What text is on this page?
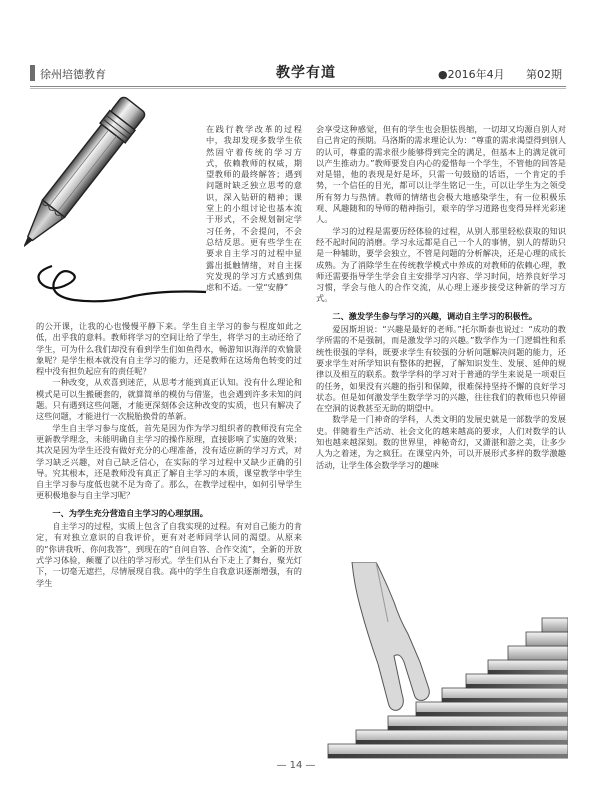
徐州培德教育	教学有道	●2016年4月 第02期

在践行教学改革的过程中，我却发现多数学生依然固守着传统的学习方式，依赖教师的权威，期望教师的最终解答；遇到问题时缺乏独立思考的意识，深入钻研的精神；课堂上的小组讨论也基本流于形式，不会规划制定学习任务，不会提问，不会总结反思。更有些学生在要求自主学习的过程中显露出抵触情绪，对自主探究发现的学习方式感到焦虑和不适。一堂“安静”

的公开课，让我的心也慢慢平静下来。学生自主学习的参与程度如此之低，出乎我的意料。教师将学习的空间让给了学生，将学习的主动还给了学生，可为什么我们却没有看到学生们如鱼得水，畅游知识海洋的欢愉景象呢？是学生根本就没有自主学习的能力，还是教师在这场角色转变的过程中没有担负起应有的责任呢？

一种改变，从欢喜到迷茫，从思考才能到真正认知。没有什么理论和模式是可以生搬硬套的，就算简单的模仿与借鉴，也会遇到许多未知的问题。只有遇到这些问题，才能更深刻体会这种改变的实质，也只有解决了这些问题，才能进行一次脱胎换骨的革新。

学生自主学习参与度低，首先是因为作为学习组织者的教师没有完全更新教学理念，未能明确自主学习的操作原理，直接影响了实施的效果；其次是因为学生还没有做好充分的心理准备，没有适应新的学习方式，对学习缺乏兴趣，对自己缺乏信心，在实际的学习过程中又缺少正确的引导。究其根本，还是教师没有真正了解自主学习的本质，课堂教学中学生自主学习参与度低也就不足为奇了。那么，在教学过程中，如何引导学生更积极地参与自主学习呢？

一、为学生充分营造自主学习的心理氛围。

自主学习的过程，实质上包含了自我实现的过程。有对自己能力的肯定，有对独立意识的自我评价，更有对老师同学认同的渴望。从原来的“你讲我听、你问我答”，到现在的“自问自答、合作交流”，全新的开放式学习体验，颠覆了以往的学习形式。学生们从台下走上了舞台，聚光灯下，一切毫无遮拦，尽情展现自我。高中的学生自我意识逐渐增强，有的学生

会享受这种感觉，但有的学生也会胆怯畏缩，一切却又均源自别人对自己肯定的预期。马洛斯的需求理论认为：“尊重的需求渴望得到别人的认可，尊重的需求很少能够得到完全的满足，但基本上的满足就可以产生推动力。”教师要发自内心的爱惜每一个学生，不管他的回答是对是错，他的表现是好是坏，只需一句鼓励的话语，一个肯定的手势，一个信任的目光，都可以让学生铭记一生，可以让学生为之领受所有努力与热情。教师的情绪也会极大地感染学生，有一位积极乐观、风趣随和的导师的精神指引，艰辛的学习道路也变得异样光彩迷人。

学习的过程是需要历经体验的过程，从别人那里轻松获取的知识经不起时间的消磨。学习永远都是自己一个人的事情，别人的帮助只是一种辅助，要学会独立，不管是问题的分析解决，还是心理的成长成熟。为了消除学生在传统教学模式中养成的对教师的依赖心理，教师还需要指导学生学会自主安排学习内容、学习时间，培养良好学习习惯，学会与他人的合作交流，从心理上逐步接受这种新的学习方式。

二、激发学生参与学习的兴趣，调动自主学习的积极性。

爱因斯坦说：“兴趣是最好的老师。”托尔斯泰也说过：“成功的教学所需的不是强制，而是激发学习的兴趣。”数学作为一门逻辑性和系统性很强的学科，既要求学生有较强的分析问题解决问题的能力，还要求学生对所学知识有整体的把握，了解知识发生、发展、延伸的规律以及相互的联系。数学学科的学习对于普通的学生来说是一项艰巨的任务，如果没有兴趣的指引和保障，很难保持坚持不懈的良好学习状态。但是如何激发学生数学学习的兴趣，往往我们的教师也只停留在空洞的说教甚至无助的期望中。

数学是一门神奇的学科，人类文明的发展史就是一部数学的发展史。伴随着生产活动、社会文化的越来越高的要求，人们对数学的认知也越来越深刻。数的世界里，神秘奇幻，又潇湛和游之美，让多少人为之着迷，为之疯狂。在课堂内外，可以开展形式多样的数学激趣活动，让学生体会数学学习的趣味

— 14 —
